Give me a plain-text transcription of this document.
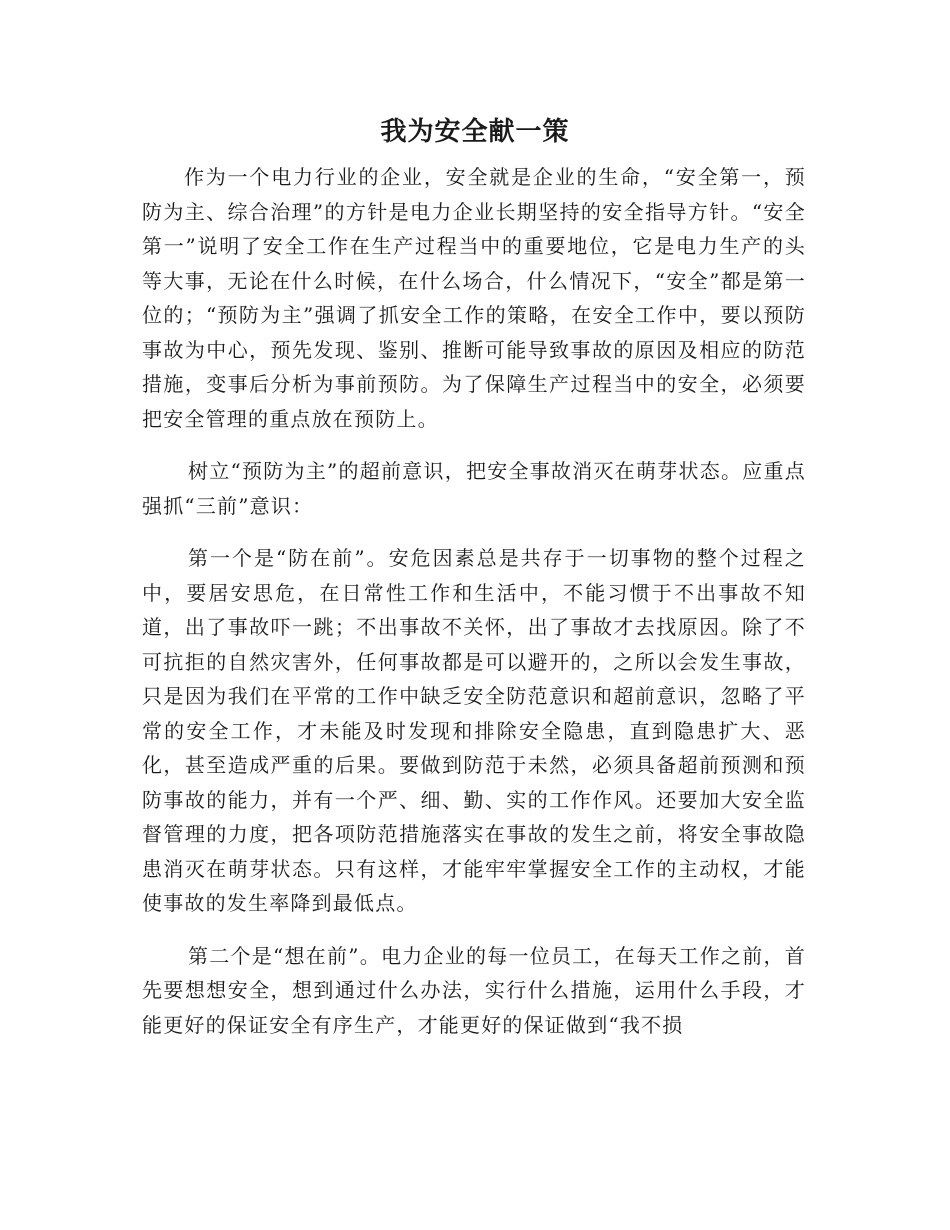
我为安全献一策

作为一个电力行业的企业，安全就是企业的生命，“安全第一，预防为主、综合治理”的方针是电力企业长期坚持的安全指导方针。“安全第一”说明了安全工作在生产过程当中的重要地位，它是电力生产的头等大事，无论在什么时候，在什么场合，什么情况下，“安全”都是第一位的；“预防为主”强调了抓安全工作的策略，在安全工作中，要以预防事故为中心，预先发现、鉴别、推断可能导致事故的原因及相应的防范措施，变事后分析为事前预防。为了保障生产过程当中的安全，必须要把安全管理的重点放在预防上。

树立“预防为主”的超前意识，把安全事故消灭在萌芽状态。应重点强抓“三前”意识：

第一个是“防在前”。安危因素总是共存于一切事物的整个过程之中，要居安思危，在日常性工作和生活中，不能习惯于不出事故不知道，出了事故吓一跳；不出事故不关怀，出了事故才去找原因。除了不可抗拒的自然灾害外，任何事故都是可以避开的，之所以会发生事故，只是因为我们在平常的工作中缺乏安全防范意识和超前意识，忽略了平常的安全工作，才未能及时发现和排除安全隐患，直到隐患扩大、恶化，甚至造成严重的后果。要做到防范于未然，必须具备超前预测和预防事故的能力，并有一个严、细、勤、实的工作作风。还要加大安全监督管理的力度，把各项防范措施落实在事故的发生之前，将安全事故隐患消灭在萌芽状态。只有这样，才能牢牢掌握安全工作的主动权，才能使事故的发生率降到最低点。

第二个是“想在前”。电力企业的每一位员工，在每天工作之前，首先要想想安全，想到通过什么办法，实行什么措施，运用什么手段，才能更好的保证安全有序生产，才能更好的保证做到“我不损
